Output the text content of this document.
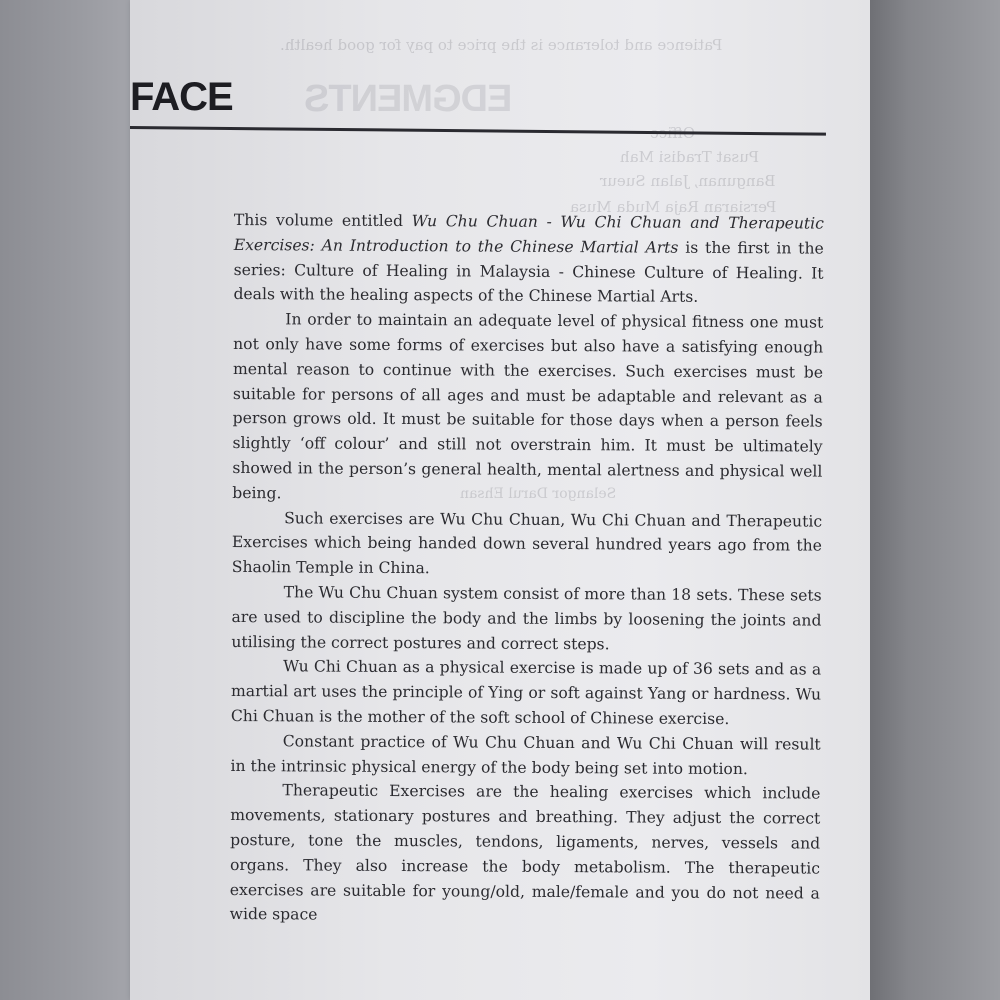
EDGMENTS
Patience and tolerance is the price to pay for good health.
Pusat Tradisi Mah
Bangunan, Jalan Sueur
Persiaran Raja Muda Musa
Selangor Darul Ehsan
FACE

This volume entitled Wu Chu Chuan - Wu Chi Chuan and Therapeutic Exercises: An Introduction to the Chinese Martial Arts is the first in the series: Culture of Healing in Malaysia - Chinese Culture of Healing. It deals with the healing aspects of the Chinese Martial Arts.

In order to maintain an adequate level of physical fitness one must not only have some forms of exercises but also have a satisfying enough mental reason to continue with the exercises. Such exercises must be suitable for persons of all ages and must be adaptable and relevant as a person grows old. It must be suitable for those days when a person feels slightly ‘off colour’ and still not overstrain him. It must be ultimately showed in the person’s general health, mental alertness and physical well being.

Such exercises are Wu Chu Chuan, Wu Chi Chuan and Therapeutic Exercises which being handed down several hundred years ago from the Shaolin Temple in China.

The Wu Chu Chuan system consist of more than 18 sets. These sets are used to discipline the body and the limbs by loosening the joints and utilising the correct postures and correct steps.

Wu Chi Chuan as a physical exercise is made up of 36 sets and as a martial art uses the principle of Ying or soft against Yang or hardness. Wu Chi Chuan is the mother of the soft school of Chinese exercise.

Constant practice of Wu Chu Chuan and Wu Chi Chuan will result in the intrinsic physical energy of the body being set into motion.

Therapeutic Exercises are the healing exercises which include movements, stationary postures and breathing. They adjust the correct posture, tone the muscles, tendons, ligaments, nerves, vessels and organs. They also increase the body metabolism. The therapeutic exercises are suitable for young/old, male/female and you do not need a wide space
